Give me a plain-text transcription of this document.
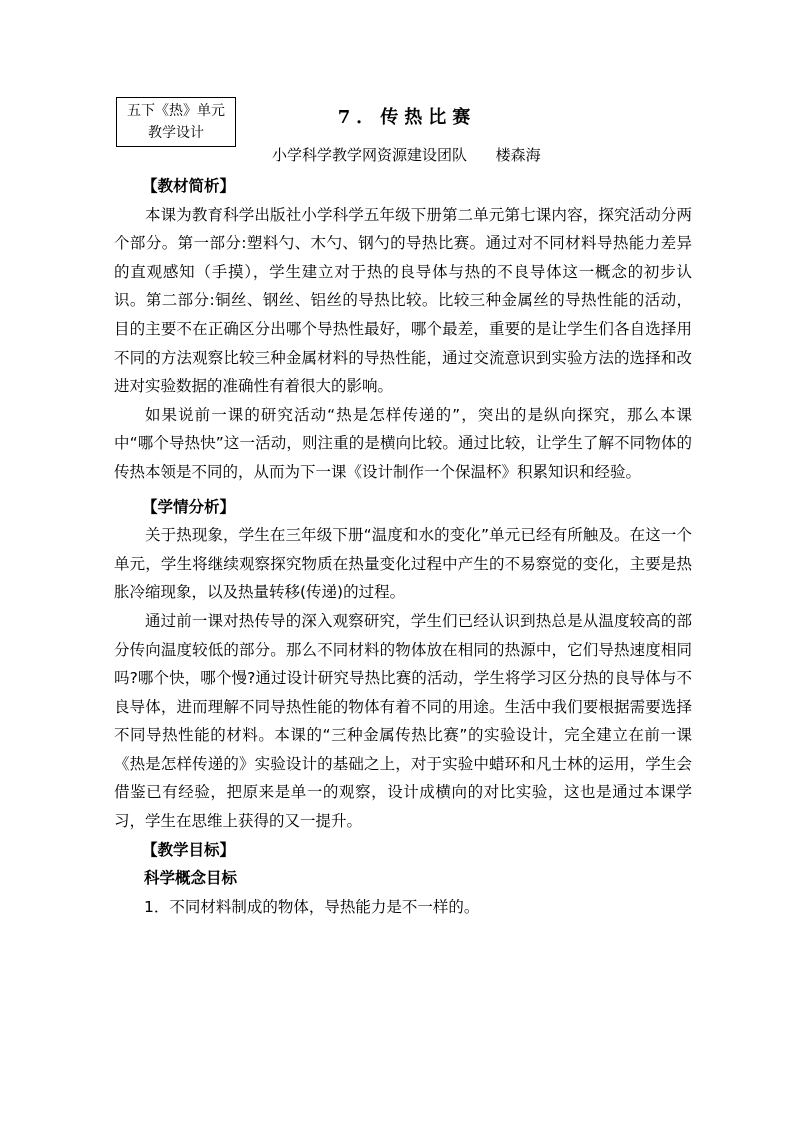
五下《热》单元
教学设计
7．传热比赛
小学科学教学网资源建设团队      楼森海
【教材简析】

本课为教育科学出版社小学科学五年级下册第二单元第七课内容，探究活动分两个部分。第一部分:塑料勺、木勺、钢勺的导热比赛。通过对不同材料导热能力差异的直观感知（手摸），学生建立对于热的良导体与热的不良导体这一概念的初步认识。第二部分:铜丝、钢丝、铝丝的导热比较。比较三种金属丝的导热性能的活动，目的主要不在正确区分出哪个导热性最好，哪个最差，重要的是让学生们各自选择用不同的方法观察比较三种金属材料的导热性能，通过交流意识到实验方法的选择和改进对实验数据的准确性有着很大的影响。

如果说前一课的研究活动“热是怎样传递的”，突出的是纵向探究，那么本课中“哪个导热快”这一活动，则注重的是横向比较。通过比较，让学生了解不同物体的传热本领是不同的，从而为下一课《设计制作一个保温杯》积累知识和经验。

【学情分析】

关于热现象，学生在三年级下册“温度和水的变化”单元已经有所触及。在这一个单元，学生将继续观察探究物质在热量变化过程中产生的不易察觉的变化，主要是热胀冷缩现象，以及热量转移(传递)的过程。

通过前一课对热传导的深入观察研究，学生们已经认识到热总是从温度较高的部分传向温度较低的部分。那么不同材料的物体放在相同的热源中，它们导热速度相同吗?哪个快，哪个慢?通过设计研究导热比赛的活动，学生将学习区分热的良导体与不良导体，进而理解不同导热性能的物体有着不同的用途。生活中我们要根据需要选择不同导热性能的材料。本课的“三种金属传热比赛”的实验设计，完全建立在前一课《热是怎样传递的》实验设计的基础之上，对于实验中蜡环和凡士林的运用，学生会借鉴已有经验，把原来是单一的观察，设计成横向的对比实验，这也是通过本课学习，学生在思维上获得的又一提升。

【教学目标】
科学概念目标
1．不同材料制成的物体，导热能力是不一样的。
